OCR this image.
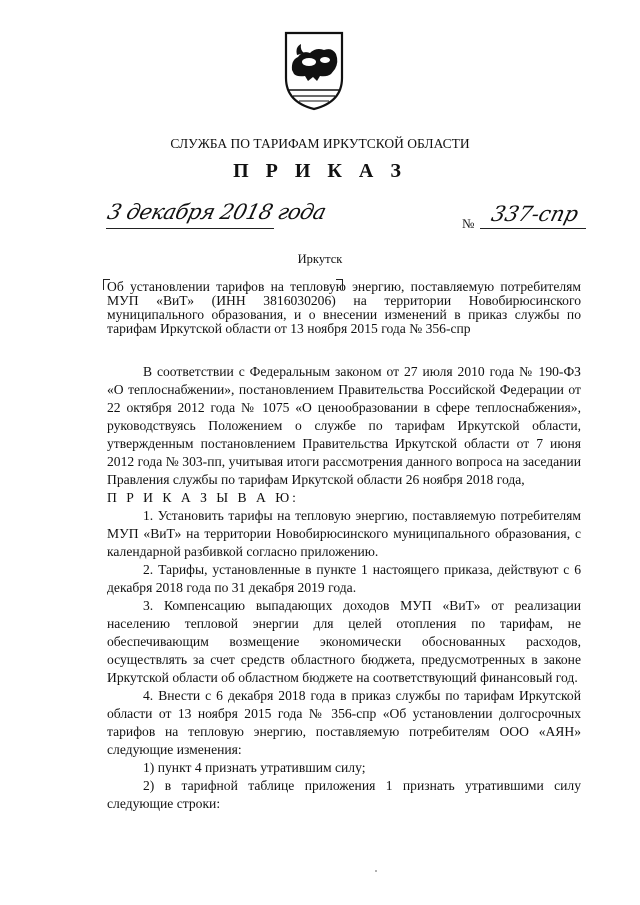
СЛУЖБА ПО ТАРИФАМ ИРКУТСКОЙ ОБЛАСТИ
П Р И К А З
3 декабря 2018 года	№ 337-спр
Иркутск
Об установлении тарифов на тепловую энергию, поставляемую потребителям МУП «ВиТ» (ИНН 3816030206) на территории Новобирюсинского муниципального образования, и о внесении изменений в приказ службы по тарифам Иркутской области от 13 ноября 2015 года № 356-спр

В соответствии с Федеральным законом от 27 июля 2010 года № 190-ФЗ «О теплоснабжении», постановлением Правительства Российской Федерации от 22 октября 2012 года № 1075 «О ценообразовании в сфере теплоснабжения», руководствуясь Положением о службе по тарифам Иркутской области, утвержденным постановлением Правительства Иркутской области от 7 июня 2012 года № 303-пп, учитывая итоги рассмотрения данного вопроса на заседании Правления службы по тарифам Иркутской области 26 ноября 2018 года,

П Р И К А З Ы В А Ю:

1. Установить тарифы на тепловую энергию, поставляемую потребителям МУП «ВиТ» на территории Новобирюсинского муниципального образования, с календарной разбивкой согласно приложению.

2. Тарифы, установленные в пункте 1 настоящего приказа, действуют с 6 декабря 2018 года по 31 декабря 2019 года.

3. Компенсацию выпадающих доходов МУП «ВиТ» от реализации населению тепловой энергии для целей отопления по тарифам, не обеспечивающим возмещение экономически обоснованных расходов, осуществлять за счет средств областного бюджета, предусмотренных в законе Иркутской области об областном бюджете на соответствующий финансовый год.

4. Внести с 6 декабря 2018 года в приказ службы по тарифам Иркутской области от 13 ноября 2015 года № 356-спр «Об установлении долгосрочных тарифов на тепловую энергию, поставляемую потребителям ООО «АЯН» следующие изменения:

1) пункт 4 признать утратившим силу;

2) в тарифной таблице приложения 1 признать утратившими силу следующие строки:
